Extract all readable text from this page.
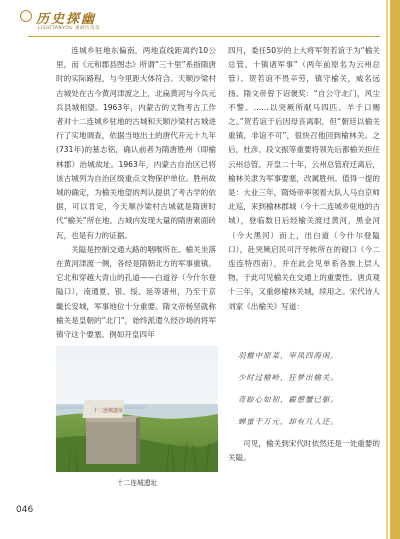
历史探幽
LISHITANYOU 重磅历史哥

连城乡驻地东偏南，两地直线距离约10公里，而《元和郡县图志》所谓“三十里”系指隋唐时的实际路程，与今里距大体符合。天顺沙梁村古城处在古今黄河津渡之上，北扁黄河与今兵元兵县城相望。1963年，内蒙古的文物考古工作者对十二连城乡驻地的古城和天顺沙梁村古城进行了实地调查，依据当地出土的唐代开元十九年(731年)的墓志铭，确认前者为隋唐胜州（即榆林郡）治城故址。1963年，内蒙古自治区已将该古城列为自治区级重点文物保护单位。胜州故城的确定，为榆关地望的判认提供了考古学的依据，可以肯定，今天顺沙梁村古城就是隋唐时代“榆关”所在地。古城内发现大量的隋唐素面砖瓦，也是有力的证据。

关隘是控制交通大路的咽喉所在。榆关坐落在黄河津渡一侧，各经是隋朝北方的军事重镇。它北和穿越大青山的孔道——白道谷（今什尔登隘口），南通夏、银、绥、延等诸州，乃至于京畿长安城，军事地位十分重要。隋文帝杨坚就称榆关是皇朝的“北门”，始终派遣久经沙场的将军镇守这个要塞。例如开皇四年

十二连城遗址
十二连城遗址

四月，委任50岁的上大将军贺若谊于为“榆关总管、十镇诸军事”（两年前原名为云州总管）。贺若谊不畏辛劳，镇守榆关，威名远扬。隋文帝曾下诏褒奖：“自公守北门，风尘不警。……以突厥所献马四匹、羊千口赐之。”贺若谊于后因母丧离职，但“朝廷以榆关重镇，非谊不可”，很快召他回到榆林关。之后，杜彦、段文振等重要将领先后都榆关担任云州总管。开皇二十年，云州总管府迁离后，榆林关隶为军事要塞，改属胜州。值得一提的是：大业三年，隋炀帝率领着大队人马自京师北巡，来到榆林郡城（今十二连城乡驻地的古城），登临数日后经榆关渡过黄河，黑金河（今大黑河）而上，出白道（今什尔登隘口），赴突厥启民可汗牙帐所在的磴口（今二连连特西南），并在此会见单系各族上层人物。于此可见榆关在交通上的重要性。唐贞观十三年，又重修榆林关城，续用之。宋代诗人刘家《出榆关》写道：

羽檄中原菜，宰凤四海闲。
少时过榆岭，狂梦出榆关。
奇踪心如初，霸憩蟹已躯。
蝉蜜千万元，却有几人还。

可见，榆关到宋代时依然还是一处重要的关隘。

046
